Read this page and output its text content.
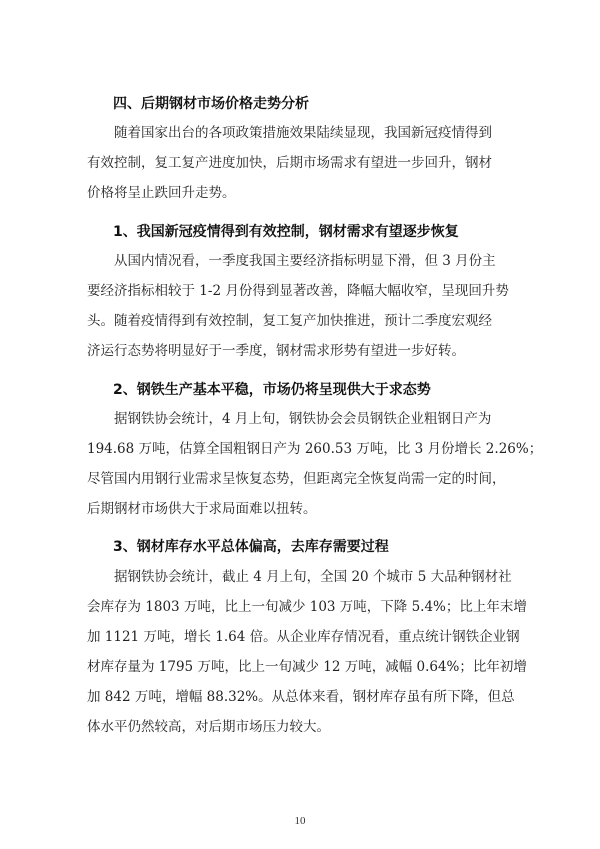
四、后期钢材市场价格走势分析
随着国家出台的各项政策措施效果陆续显现，我国新冠疫情得到
有效控制，复工复产进度加快，后期市场需求有望进一步回升，钢材
价格将呈止跌回升走势。
1、我国新冠疫情得到有效控制，钢材需求有望逐步恢复
从国内情况看，一季度我国主要经济指标明显下滑，但 3 月份主
要经济指标相较于 1-2 月份得到显著改善，降幅大幅收窄，呈现回升势
头。随着疫情得到有效控制，复工复产加快推进，预计二季度宏观经
济运行态势将明显好于一季度，钢材需求形势有望进一步好转。
2、钢铁生产基本平稳，市场仍将呈现供大于求态势
据钢铁协会统计，4 月上旬，钢铁协会会员钢铁企业粗钢日产为
194.68 万吨，估算全国粗钢日产为 260.53 万吨，比 3 月份增长 2.26%；
尽管国内用钢行业需求呈恢复态势，但距离完全恢复尚需一定的时间，
后期钢材市场供大于求局面难以扭转。
3、钢材库存水平总体偏高，去库存需要过程
据钢铁协会统计，截止 4 月上旬，全国 20 个城市 5 大品种钢材社
会库存为 1803 万吨，比上一旬减少 103 万吨，下降 5.4%；比上年末增
加 1121 万吨，增长 1.64 倍。从企业库存情况看，重点统计钢铁企业钢
材库存量为 1795 万吨，比上一旬减少 12 万吨，减幅 0.64%；比年初增
加 842 万吨，增幅 88.32%。从总体来看，钢材库存虽有所下降，但总
体水平仍然较高，对后期市场压力较大。
10
